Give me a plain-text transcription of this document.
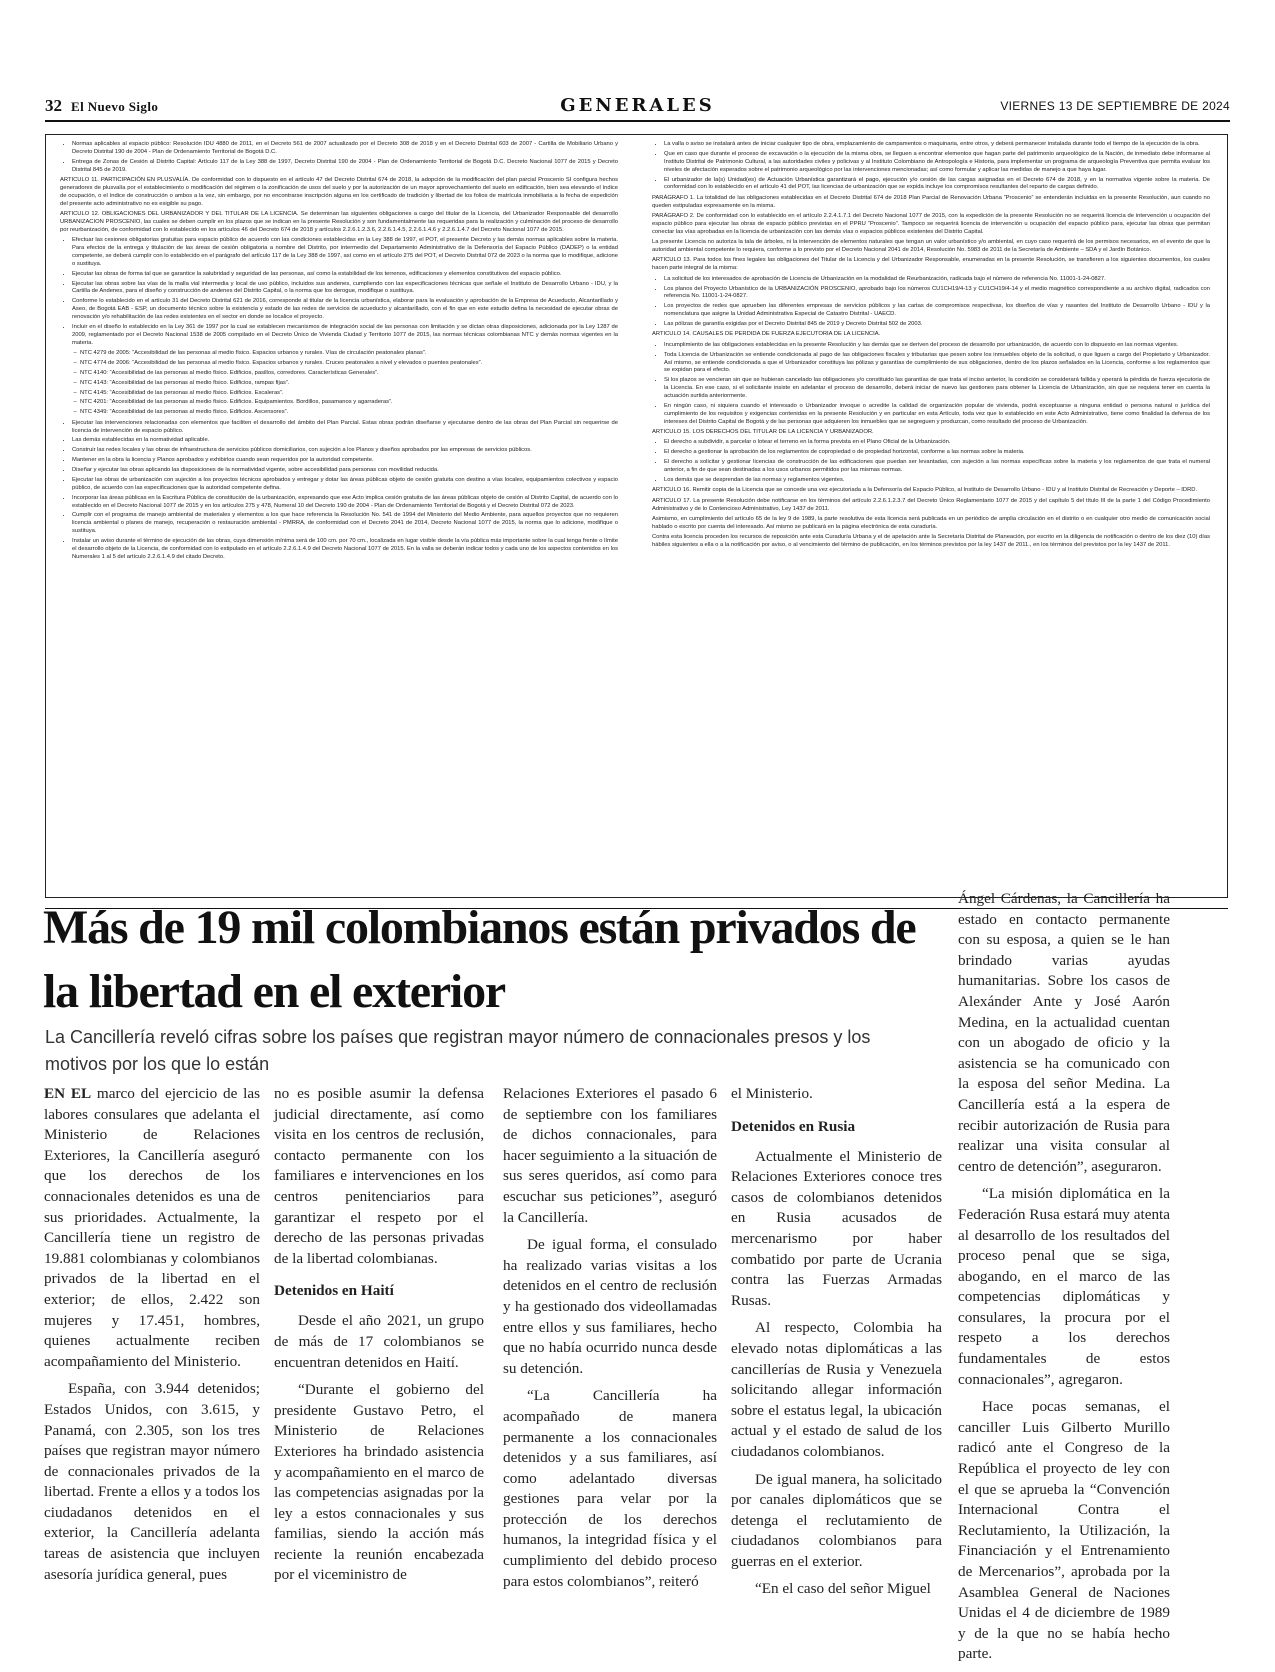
32 El Nuevo Siglo	GENERALES	VIERNES 13 DE SEPTIEMBRE DE 2024
• Normas aplicables al espacio público: Resolución IDU 4880 de 2011, en el Decreto 561 de 2007 actualizado por el Decreto 308 de 2018 y en el Decreto Distrital 603 de 2007 - Cartilla de Mobiliario Urbano y Decreto Distrital 190 de 2004 - Plan de Ordenamiento Territorial de Bogotá D.C.
• Entrega de Zonas de Cesión al Distrito Capital: Artículo 117 de la Ley 388 de 1997, Decreto Distrital 190 de 2004 - Plan de Ordenamiento Territorial de Bogotá D.C. Decreto Nacional 1077 de 2015 y Decreto Distrital 845 de 2019.

ARTICULO 11. PARTICIPACIÓN EN PLUSVALÍA. De conformidad con lo dispuesto en el artículo 47 del Decreto Distrital 674 de 2018, la adopción de la modificación del plan parcial Proscenio SI configura hechos generadores de plusvalía por el establecimiento o modificación del régimen o la zonificación de usos del suelo y por la autorización de un mayor aprovechamiento del suelo en edificación, bien sea elevando el índice de ocupación, o el índice de construcción o ambos a la vez, sin embargo, por no encontrarse inscripción alguna en los certificado de tradición y libertad de los folios de matrícula inmobiliaria a la fecha de expedición del presente acto administrativo no es exigible su pago.

ARTICULO 12. OBLIGACIONES DEL URBANIZADOR Y DEL TITULAR DE LA LICENCIA. Se determinan las siguientes obligaciones a cargo del titular de la Licencia, del Urbanizador Responsable del desarrollo URBANIZACION PROSCENIO, las cuales se deben cumplir en los plazos que se indican en la presente Resolución y son fundamentalmente las requeridas para la realización y culminación del proceso de desarrollo por reurbanización, de conformidad con lo establecido en los artículos 46 del Decreto 674 de 2018 y artículos 2.2.6.1.2.3.6, 2.2.6.1.4.5, 2.2.6.1.4.6 y 2.2.6.1.4.7 del Decreto Nacional 1077 de 2015.

• Efectuar las cesiones obligatorias gratuitas para espacio público de acuerdo con las condiciones establecidas en la Ley 388 de 1997, el POT, el presente Decreto y las demás normas aplicables sobre la materia. Para efectos de la entrega y titulación de las áreas de cesión obligatoria a nombre del Distrito, por intermedio del Departamento Administrativo de la Defensoría del Espacio Público (DADEP) o la entidad competente, se deberá cumplir con lo establecido en el parágrafo del artículo 117 de la Ley 388 de 1997, así como en el artículo 275 del POT, el Decreto Distrital 072 de 2023 o la norma que lo modifique, adicione o sustituya.
• Ejecutar las obras de forma tal que se garantice la salubridad y seguridad de las personas, así como la estabilidad de los terrenos, edificaciones y elementos constitutivos del espacio público.
• Ejecutar las obras sobre las vías de la malla vial intermedia y local de uso público, incluidos sus andenes, cumpliendo con las especificaciones técnicas que señale el Instituto de Desarrollo Urbano - IDU, y la Cartilla de Andenes, para el diseño y construcción de andenes del Distrito Capital, o la norma que los derogue, modifique o sustituya.
• Conforme lo establecido en el artículo 31 del Decreto Distrital 621 de 2016, corresponde al titular de la licencia urbanística, elaborar para la evaluación y aprobación de la Empresa de Acueducto, Alcantarillado y Aseo, de Bogotá EAB - ESP, un documento técnico sobre la existencia y estado de las redes de servicios de acueducto y alcantarillado, con el fin que en este estudio defina la necesidad de ejecutar obras de renovación y/o rehabilitación de las redes existentes en el sector en donde se localice el proyecto.
• Incluir en el diseño lo establecido en la Ley 361 de 1997 por la cual se establecen mecanismos de integración social de las personas con limitación y se dictan otras disposiciones, adicionada por la Ley 1287 de 2009, reglamentado por el Decreto Nacional 1538 de 2005 compilado en el Decreto Único de Vivienda Ciudad y Territorio 1077 de 2015, las normas técnicas colombianas NTC y demás normas vigentes en la materia.
– NTC 4279 de 2005: “Accesibilidad de las personas al medio físico. Espacios urbanos y rurales. Vías de circulación peatonales planas”.
– NTC 4774 de 2006: “Accesibilidad de las personas al medio físico. Espacios urbanos y rurales. Cruces peatonales a nivel y elevados o puentes peatonales”.
– NTC 4140: “Accesibilidad de las personas al medio físico. Edificios, pasillos, corredores. Características Generales”.
– NTC 4143: “Accesibilidad de las personas al medio físico. Edificios, rampas fijas”.
– NTC 4145: “Accesibilidad de las personas al medio físico. Edificios. Escaleras”.
– NTC 4201: “Accesibilidad de las personas al medio físico. Edificios. Equipamientos. Bordillos, pasamanos y agarraderas”.
– NTC 4349: “Accesibilidad de las personas al medio físico. Edificios. Ascensores”.
• Ejecutar las intervenciones relacionadas con elementos que faciliten el desarrollo del ámbito del Plan Parcial. Estas obras podrán diseñarse y ejecutarse dentro de las obras del Plan Parcial sin requerirse de licencia de intervención de espacio público.
• Las demás establecidas en la normatividad aplicable.
• Construir las redes locales y las obras de infraestructura de servicios públicos domiciliarios, con sujeción a los Planos y diseños aprobados por las empresas de servicios públicos.
• Mantener en la obra la licencia y Planos aprobados y exhibirlos cuando sean requeridos por la autoridad competente.
• Diseñar y ejecutar las obras aplicando las disposiciones de la normatividad vigente, sobre accesibilidad para personas con movilidad reducida.
• Ejecutar las obras de urbanización con sujeción a los proyectos técnicos aprobados y entregar y dotar las áreas públicas objeto de cesión gratuita con destino a vías locales, equipamientos colectivos y espacio público, de acuerdo con las especificaciones que la autoridad competente defina.
• Incorporar las áreas públicas en la Escritura Pública de constitución de la urbanización, expresando que ese Acto implica cesión gratuita de las áreas públicas objeto de cesión al Distrito Capital, de acuerdo con lo establecido en el Decreto Nacional 1077 de 2015 y en los artículos 275 y 478, Numeral 10 del Decreto 190 de 2004 - Plan de Ordenamiento Territorial de Bogotá y el Decreto Distrital 072 de 2023.
• Cumplir con el programa de manejo ambiental de materiales y elementos a los que hace referencia la Resolución No. 541 de 1994 del Ministerio del Medio Ambiente, para aquellos proyectos que no requieren licencia ambiental o planes de manejo, recuperación o restauración ambiental - PMRRA, de conformidad con el Decreto 2041 de 2014, Decreto Nacional 1077 de 2015, la norma que lo adicione, modifique o sustituya.
• Instalar un aviso durante el término de ejecución de las obras, cuya dimensión mínima será de 100 cm. por 70 cm., localizada en lugar visible desde la vía pública más importante sobre la cual tenga frente o límite el desarrollo objeto de la Licencia, de conformidad con lo estipulado en el artículo 2.2.6.1.4.9 del Decreto Nacional 1077 de 2015. En la valla se deberán indicar todos y cada uno de los aspectos contenidos en los Numerales 1 al 5 del artículo 2.2.6.1.4.9 del citado Decreto.
• La valla o aviso se instalará antes de iniciar cualquier tipo de obra, emplazamiento de campamentos o maquinaria, entre otros, y deberá permanecer instalada durante todo el tiempo de la ejecución de la obra.
• Que en caso que durante el proceso de excavación o la ejecución de la misma obra, se lleguen a encontrar elementos que hagan parte del patrimonio arqueológico de la Nación, de inmediato debe informarse al Instituto Distrital de Patrimonio Cultural, a las autoridades civiles y policivas y al Instituto Colombiano de Antropología e Historia, para implementar un programa de arqueología Preventiva que permita evaluar los niveles de afectación esperados sobre el patrimonio arqueológico por las intervenciones mencionadas; así como formular y aplicar las medidas de manejo a que haya lugar.
• El urbanizador de la(s) Unidad(es) de Actuación Urbanística garantizará el pago, ejecución y/o cesión de las cargas asignadas en el Decreto 674 de 2018, y en la normativa vigente sobre la materia. De conformidad con lo establecido en el artículo 41 del POT, las licencias de urbanización que se expida incluye los compromisos resultantes del reparto de cargas definido.

PARÁGRAFO 1. La totalidad de las obligaciones establecidas en el Decreto Distrital 674 de 2018 Plan Parcial de Renovación Urbana “Proscenio” se entenderán incluidas en la presente Resolución, aun cuando no queden estipuladas expresamente en la misma.

PARÁGRAFO 2. De conformidad con lo establecido en el artículo 2.2.4.1.7.1 del Decreto Nacional 1077 de 2015, con la expedición de la presente Resolución no se requerirá licencia de intervención u ocupación del espacio público para ejecutar las obras de espacio público previstas en el PPRU “Proscenio”. Tampoco se requerirá licencia de intervención u ocupación del espacio público para, ejecutar las obras que permitan conectar las vías aprobadas en la licencia de urbanización con las demás vías o espacios públicos existentes del Distrito Capital.

La presente Licencia no autoriza la tala de árboles, ni la intervención de elementos naturales que tengan un valor urbanístico y/o ambiental, en cuyo caso requerirá de los permisos necesarios, en el evento de que la autoridad ambiental competente lo requiera, conforme a lo previsto por el Decreto Nacional 2041 de 2014, Resolución No. 5983 de 2011 de la Secretaría de Ambiente – SDA y el Jardín Botánico.

ARTICULO 13. Para todos los fines legales las obligaciones del Titular de la Licencia y del Urbanizador Responsable, enumeradas en la presente Resolución, se transfieren a los siguientes documentos, los cuales hacen parte integral de la misma:

• La solicitud de los interesados de aprobación de Licencia de Urbanización en la modalidad de Reurbanización, radicada bajo el número de referencia No. 11001-1-24-0827.
• Los planos del Proyecto Urbanístico de la URBANIZACIÓN PROSCENIO, aprobado bajo los números CU1CH19/4-13 y CU1CH19/4-14 y el medio magnético correspondiente a su archivo digital, radicados con referencia No. 11001-1-24-0827.
• Los proyectos de redes que aprueben las diferentes empresas de servicios públicos y las cartas de compromisos respectivas, los diseños de vías y rasantes del Instituto de Desarrollo Urbano - IDU y la nomenclatura que asigne la Unidad Administrativa Especial de Catastro Distrital - UAECD.
• Las pólizas de garantía exigidas por el Decreto Distrital 845 de 2019 y Decreto Distrital 502 de 2003.

ARTICULO 14. CAUSALES DE PERDIDA DE FUERZA EJECUTORIA DE LA LICENCIA.

• Incumplimiento de las obligaciones establecidas en la presente Resolución y las demás que se deriven del proceso de desarrollo por urbanización, de acuerdo con lo dispuesto en las normas vigentes.
• Toda Licencia de Urbanización se entiende condicionada al pago de las obligaciones fiscales y tributarias que pesen sobre los inmuebles objeto de la solicitud, o que liguen a cargo del Propietario y Urbanizador. Así mismo, se entiende condicionada a que el Urbanizador constituya las pólizas y garantías de cumplimiento de sus obligaciones, dentro de los plazos señalados en la Licencia, conforme a los reglamentos que se expidan para el efecto.
• Si los plazos se vencieran sin que se hubieran cancelado las obligaciones y/o constituido las garantías de que trata el inciso anterior, la condición se considerará fallida y operará la pérdida de fuerza ejecutoria de la Licencia. En ese caso, si el solicitante insiste en adelantar el proceso de desarrollo, deberá iniciar de nuevo las gestiones para obtener la Licencia de Urbanización, sin que se requiera tener en cuenta la actuación surtida anteriormente.
• En ningún caso, ni siquiera cuando el interesado o Urbanizador invoque o acredite la calidad de organización popular de vivienda, podrá exceptuarse a ninguna entidad o persona natural o jurídica del cumplimiento de los requisitos y exigencias contenidas en la presente Resolución y en particular en esta Artículo, toda vez que lo establecido en este Acto Administrativo, tiene como finalidad la defensa de los intereses del Distrito Capital de Bogotá y de las personas que adquieren los inmuebles que se segreguen y produzcan, como resultado del proceso de Urbanización.

ARTICULO 15. LOS DERECHOS DEL TITULAR DE LA LICENCIA Y URBANIZADOR.

• El derecho a subdividir, a parcelar o lotear el terreno en la forma prevista en el Plano Oficial de la Urbanización.
• El derecho a gestionar la aprobación de los reglamentos de copropiedad o de propiedad horizontal, conforme a las normas sobre la materia.
• El derecho a solicitar y gestionar licencias de construcción de las edificaciones que puedan ser levantadas, con sujeción a las normas específicas sobre la materia y los reglamentos de que trata el numeral anterior, a fin de que sean destinadas a los usos urbanos permitidos por las mismas normas.
• Los demás que se desprendan de las normas y reglamentos vigentes.

ARTICULO 16. Remitir copia de la Licencia que se concede una vez ejecutoriada a la Defensoría del Espacio Público, al Instituto de Desarrollo Urbano - IDU y al Instituto Distrital de Recreación y Deporte – IDRD.

ARTICULO 17. La presente Resolución debe notificarse en los términos del artículo 2.2.6.1.2.3.7 del Decreto Único Reglamentario 1077 de 2015 y del capítulo 5 del título III de la parte 1 del Código Procedimiento Administrativo y de lo Contencioso Administrativo, Ley 1437 de 2011.

Asimismo, en cumplimiento del artículo 65 de la ley 9 de 1989, la parte resolutiva de esta licencia será publicada en un periódico de amplia circulación en el distrito o en cualquier otro medio de comunicación social hablado o escrito por cuenta del interesado. Así mismo se publicará en la página electrónica de esta curaduría.

Contra esta licencia proceden los recursos de reposición ante esta Curaduría Urbana y el de apelación ante la Secretaría Distrital de Planeación, por escrito en la diligencia de notificación o dentro de los diez (10) días hábiles siguientes a ella o a la notificación por aviso, o al vencimiento del término de publicación, en los términos previstos por la ley 1437 de 2011., en los términos del previstos por la ley 1437 de 2011.

Más de 19 mil colombianos están privados de la libertad en el exterior

La Cancillería reveló cifras sobre los países que registran mayor número de connacionales presos y los motivos por los que lo están

EN EL marco del ejercicio de las labores consulares que adelanta el Ministerio de Relaciones Exteriores, la Cancillería aseguró que los derechos de los connacionales detenidos es una de sus prioridades. Actualmente, la Cancillería tiene un registro de 19.881 colombianas y colombianos privados de la libertad en el exterior; de ellos, 2.422 son mujeres y 17.451, hombres, quienes actualmente reciben acompañamiento del Ministerio.

España, con 3.944 detenidos; Estados Unidos, con 3.615, y Panamá, con 2.305, son los tres países que registran mayor número de connacionales privados de la libertad. Frente a ellos y a todos los ciudadanos detenidos en el exterior, la Cancillería adelanta tareas de asistencia que incluyen asesoría jurídica general, pues

no es posible asumir la defensa judicial directamente, así como visita en los centros de reclusión, contacto permanente con los familiares e intervenciones en los centros penitenciarios para garantizar el respeto por el derecho de las personas privadas de la libertad colombianas.

Detenidos en Haití

Desde el año 2021, un grupo de más de 17 colombianos se encuentran detenidos en Haití.

“Durante el gobierno del presidente Gustavo Petro, el Ministerio de Relaciones Exteriores ha brindado asistencia y acompañamiento en el marco de las competencias asignadas por la ley a estos connacionales y sus familias, siendo la acción más reciente la reunión encabezada por el viceministro de

Relaciones Exteriores el pasado 6 de septiembre con los familiares de dichos connacionales, para hacer seguimiento a la situación de sus seres queridos, así como para escuchar sus peticiones”, aseguró la Cancillería.

De igual forma, el consulado ha realizado varias visitas a los detenidos en el centro de reclusión y ha gestionado dos videollamadas entre ellos y sus familiares, hecho que no había ocurrido nunca desde su detención.

“La Cancillería ha acompañado de manera permanente a los connacionales detenidos y a sus familiares, así como adelantado diversas gestiones para velar por la protección de los derechos humanos, la integridad física y el cumplimiento del debido proceso para estos colombianos”, reiteró

el Ministerio.

Detenidos en Rusia

Actualmente el Ministerio de Relaciones Exteriores conoce tres casos de colombianos detenidos en Rusia acusados de mercenarismo por haber combatido por parte de Ucrania contra las Fuerzas Armadas Rusas.

Al respecto, Colombia ha elevado notas diplomáticas a las cancillerías de Rusia y Venezuela solicitando allegar información sobre el estatus legal, la ubicación actual y el estado de salud de los ciudadanos colombianos.

De igual manera, ha solicitado por canales diplomáticos que se detenga el reclutamiento de ciudadanos colombianos para guerras en el exterior.

“En el caso del señor Miguel

Ángel Cárdenas, la Cancillería ha estado en contacto permanente con su esposa, a quien se le han brindado varias ayudas humanitarias. Sobre los casos de Alexánder Ante y José Aarón Medina, en la actualidad cuentan con un abogado de oficio y la asistencia se ha comunicado con la esposa del señor Medina. La Cancillería está a la espera de recibir autorización de Rusia para realizar una visita consular al centro de detención”, aseguraron.

“La misión diplomática en la Federación Rusa estará muy atenta al desarrollo de los resultados del proceso penal que se siga, abogando, en el marco de las competencias diplomáticas y consulares, la procura por el respeto a los derechos fundamentales de estos connacionales”, agregaron.

Hace pocas semanas, el canciller Luis Gilberto Murillo radicó ante el Congreso de la República el proyecto de ley con el que se aprueba la “Convención Internacional Contra el Reclutamiento, la Utilización, la Financiación y el Entrenamiento de Mercenarios”, aprobada por la Asamblea General de Naciones Unidas el 4 de diciembre de 1989 y de la que no se había hecho parte.
